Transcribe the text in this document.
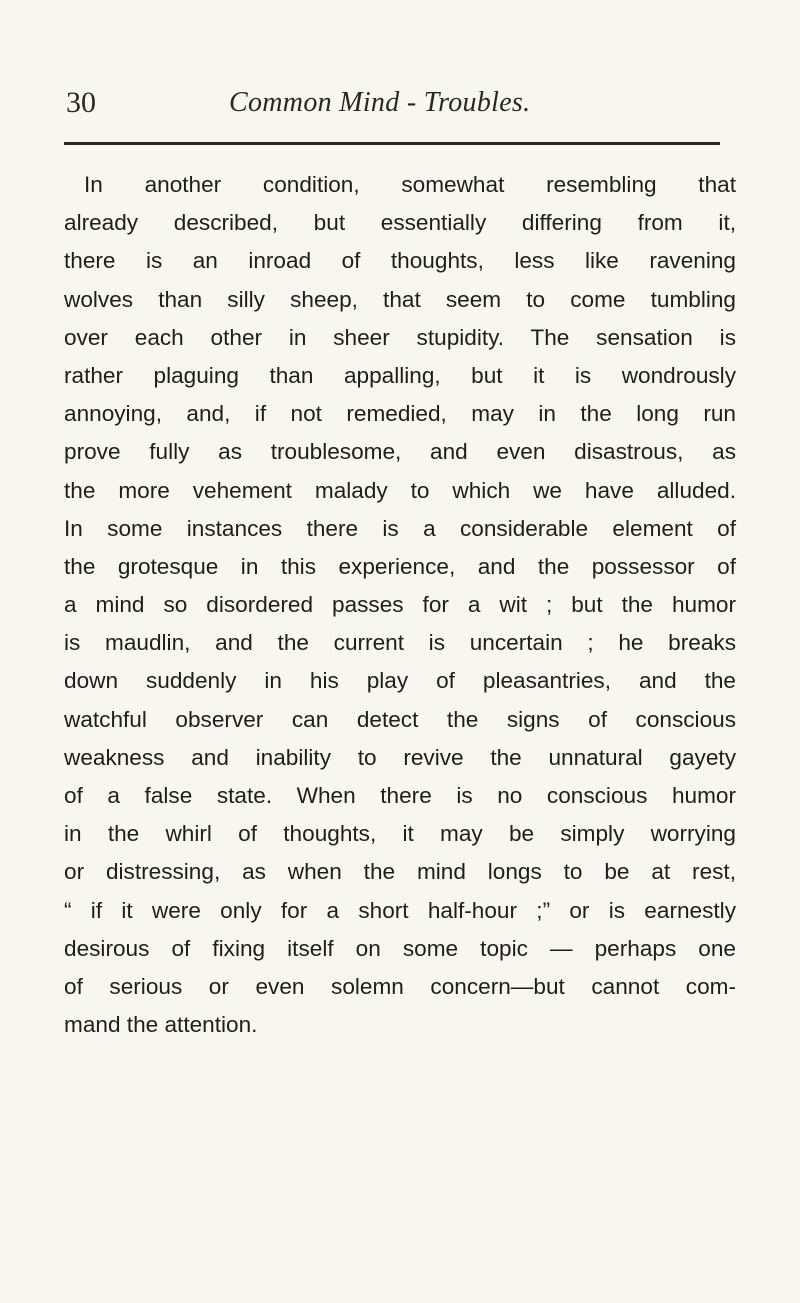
30	Common Mind - Troubles.
In another condition, somewhat resembling that
already described, but essentially differing from it,
there is an inroad of thoughts, less like ravening
wolves than silly sheep, that seem to come tumbling
over each other in sheer stupidity. The sensation is
rather plaguing than appalling, but it is wondrously
annoying, and, if not remedied, may in the long run
prove fully as troublesome, and even disastrous, as
the more vehement malady to which we have alluded.
In some instances there is a considerable element of
the grotesque in this experience, and the possessor of
a mind so disordered passes for a wit ; but the humor
is maudlin, and the current is uncertain ; he breaks
down suddenly in his play of pleasantries, and the
watchful observer can detect the signs of conscious
weakness and inability to revive the unnatural gayety
of a false state. When there is no conscious humor
in the whirl of thoughts, it may be simply worrying
or distressing, as when the mind longs to be at rest,
“ if it were only for a short half-hour ;” or is earnestly
desirous of fixing itself on some topic — perhaps one
of serious or even solemn concern—but cannot com-
mand the attention.
